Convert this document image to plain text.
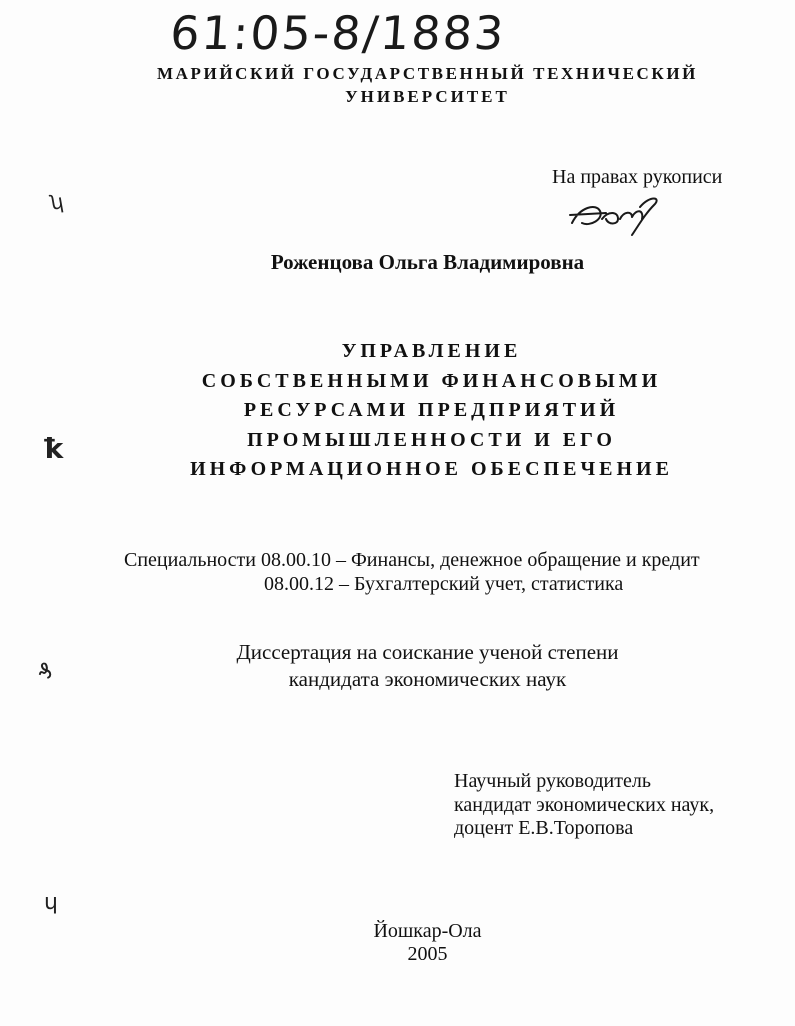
61:05-8/1883
МАРИЙСКИЙ ГОСУДАРСТВЕННЫЙ ТЕХНИЧЕСКИЙ
УНИВЕРСИТЕТ
На правах рукописи
ʮ
ꝁ
₰
ɥ
Роженцова Ольга Владимировна
УПРАВЛЕНИЕ
СОБСТВЕННЫМИ ФИНАНСОВЫМИ
РЕСУРСАМИ ПРЕДПРИЯТИЙ
ПРОМЫШЛЕННОСТИ И ЕГО
ИНФОРМАЦИОННОЕ ОБЕСПЕЧЕНИЕ
Специальности 08.00.10 – Финансы, денежное обращение и кредит
08.00.12 – Бухгалтерский учет, статистика
Диссертация на соискание ученой степени
кандидата экономических наук
Научный руководитель
кандидат экономических наук,
доцент Е.В.Торопова
Йошкар-Ола
2005
